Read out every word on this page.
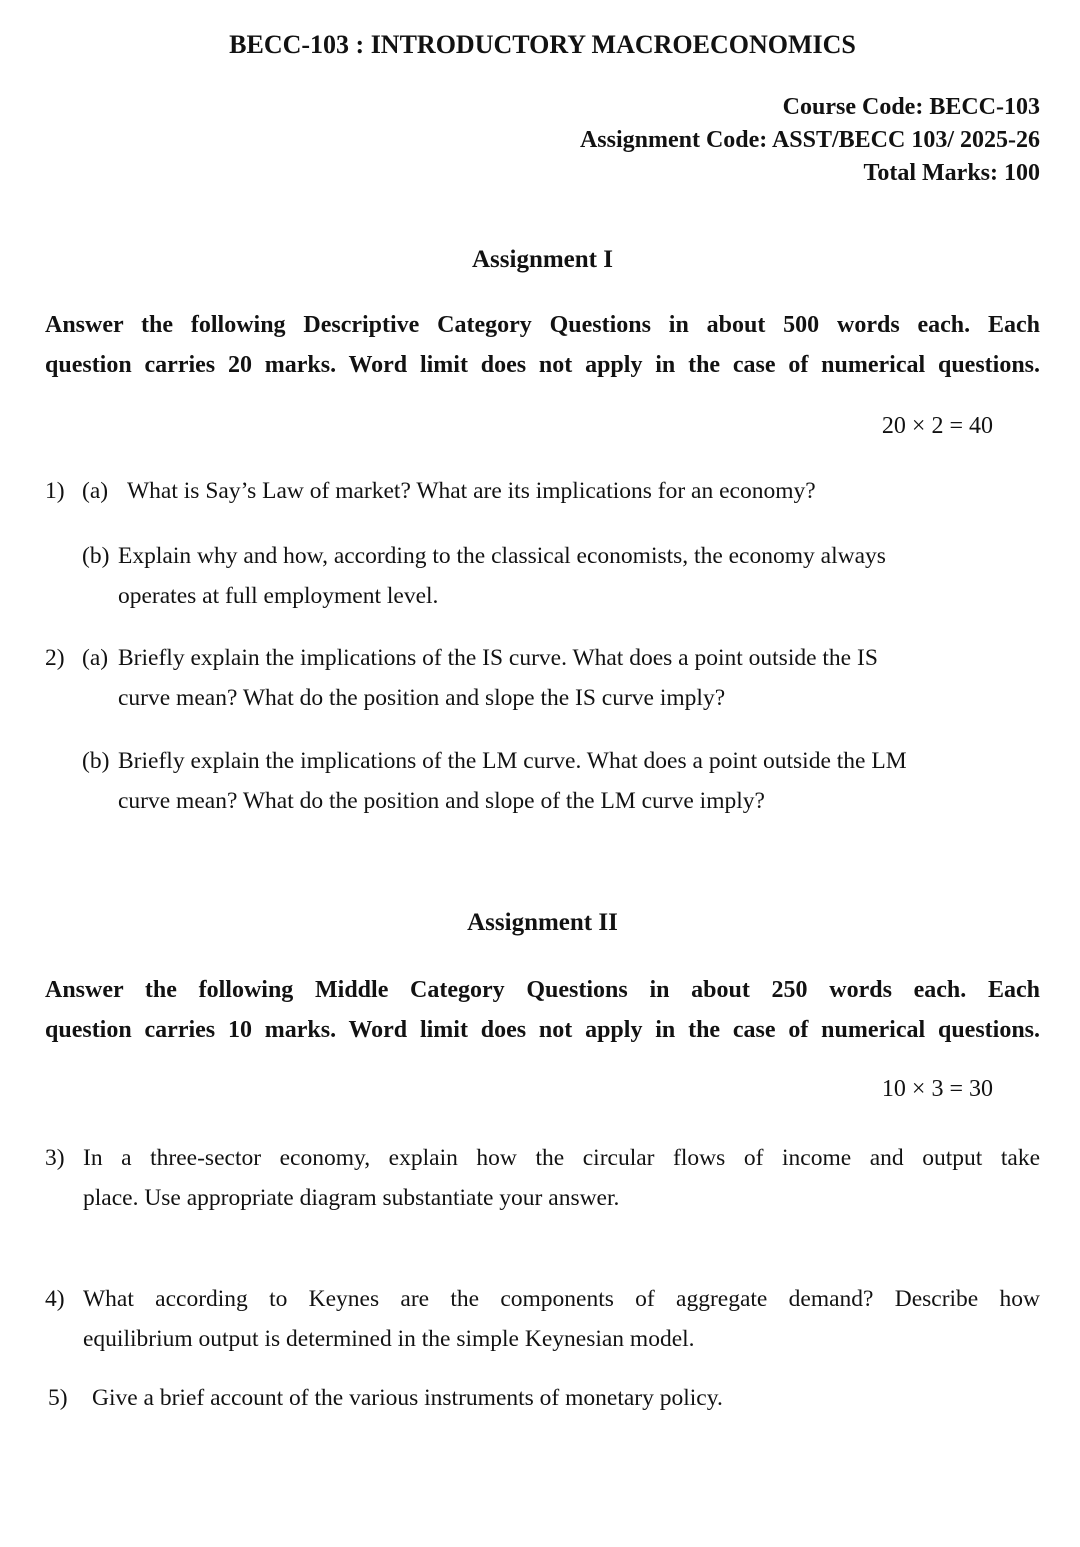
BECC-103 : INTRODUCTORY MACROECONOMICS
Course Code: BECC-103
Assignment Code: ASST/BECC 103/ 2025-26
Total Marks: 100
Assignment I

Answer the following Descriptive Category Questions in about 500 words each. Each
question carries 20 marks. Word limit does not apply in the case of numerical questions.

20 × 2 = 40
1) (a) What is Say’s Law of market? What are its implications for an economy?
(b) Explain why and how, according to the classical economists, the economy always
operates at full employment level.
2) (a) Briefly explain the implications of the IS curve. What does a point outside the IS
curve mean? What do the position and slope the IS curve imply?
(b) Briefly explain the implications of the LM curve. What does a point outside the LM
curve mean? What do the position and slope of the LM curve imply?
Assignment II

Answer the following Middle Category Questions in about 250 words each. Each
question carries 10 marks. Word limit does not apply in the case of numerical questions.

10 × 3 = 30
3) In a three-sector economy, explain how the circular flows of income and output take
place. Use appropriate diagram substantiate your answer.
4) What according to Keynes are the components of aggregate demand? Describe how
equilibrium output is determined in the simple Keynesian model.
5)	Give a brief account of the various instruments of monetary policy.
